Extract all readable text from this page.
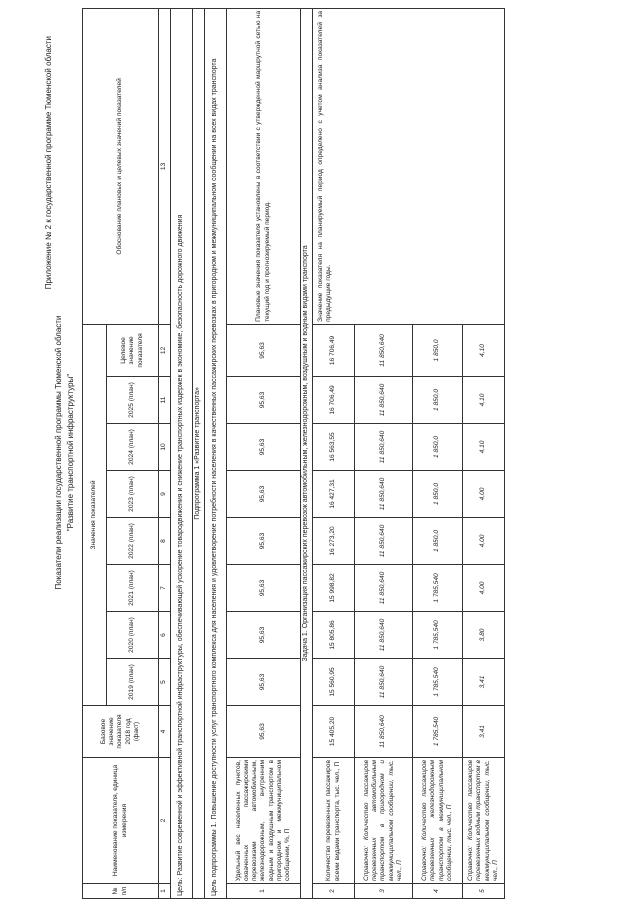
Приложение № 2 к государственной программе Тюменской области
Показатели реализации государственной программы Тюменской области "Развитие транспортной инфраструктуры"
№ п/п	Наименование показателя, единица измерения	Базовое значение показателя 2018 год (факт)	Значения показателей								Обоснование плановых и целевых значений показателей
			2019 (план)	2020 (план)	2021 (план)	2022 (план)	2023 (план)	2024 (план)	2025 (план)	Целевое значение показателя	
1	2	4	5	6	7	8	9	10	11	12	13
Цель: Развитие современной и эффективной транспортной инфраструктуры, обеспечивающей ускорение товародвижения и снижение транспортных издержек в экономике, безопасность дорожного движения											
Подпрограмма 1 «Развитие транспорта»											
Цель подпрограммы 1. Повышение доступности услуг транспортного комплекса для населения и удовлетворение потребности населения в качественных пассажирских перевозках в пригородном и межмуниципальном сообщении на всех видах транспорта											
1	Удельный вес населенных пунктов, охваченных пассажирскими перевозками автомобильным, железнодорожным, внутренним водным и воздушным транспортом в пригородном и межмуниципальном сообщении, %, П	95,63	95,63	95,63	95,63	95,63	95,63	95,63	95,63	95,63	Плановые значения показателя установлены в соответствии с утвержденной маршрутной сетью на текущий год и прогнозируемый период.
Задача 1. Организация пассажирских перевозок автомобильным, железнодорожным, воздушным и водным видами транспорта											
2	Количество перевезенных пассажиров всеми видами транспорта, тыс. чел., П	15 405,20	15 560,95	15 805,86	15 998,82	16 273,20	16 427,31	16 563,55	16 706,49	16 706,49	Значение показателя на планируемый период определено с учетом анализа показателей за предыдущие годы.
3	Справочно: Количество пассажиров перевезенных автомобильным транспортом в пригородном и межмуниципальном сообщении, тыс. чел., П	11 850,640	11 850,640	11 850,640	11 850,640	11 850,640	11 850,640	11 850,640	11 850,640	11 850,640	
4	Справочно: Количество пассажиров перевезенных железнодорожным транспортом в межмуниципальном сообщении, тыс. чел., П	1 785,540	1 785,540	1 785,540	1 785,540	1 850,0	1 850,0	1 850,0	1 850,0	1 850,0	
5	Справочно: Количество пассажиров перевезенных водным транспортом в межмуниципальном сообщении, тыс. чел., П	3,41	3,41	3,80	4,00	4,00	4,00	4,10	4,10	4,10	
